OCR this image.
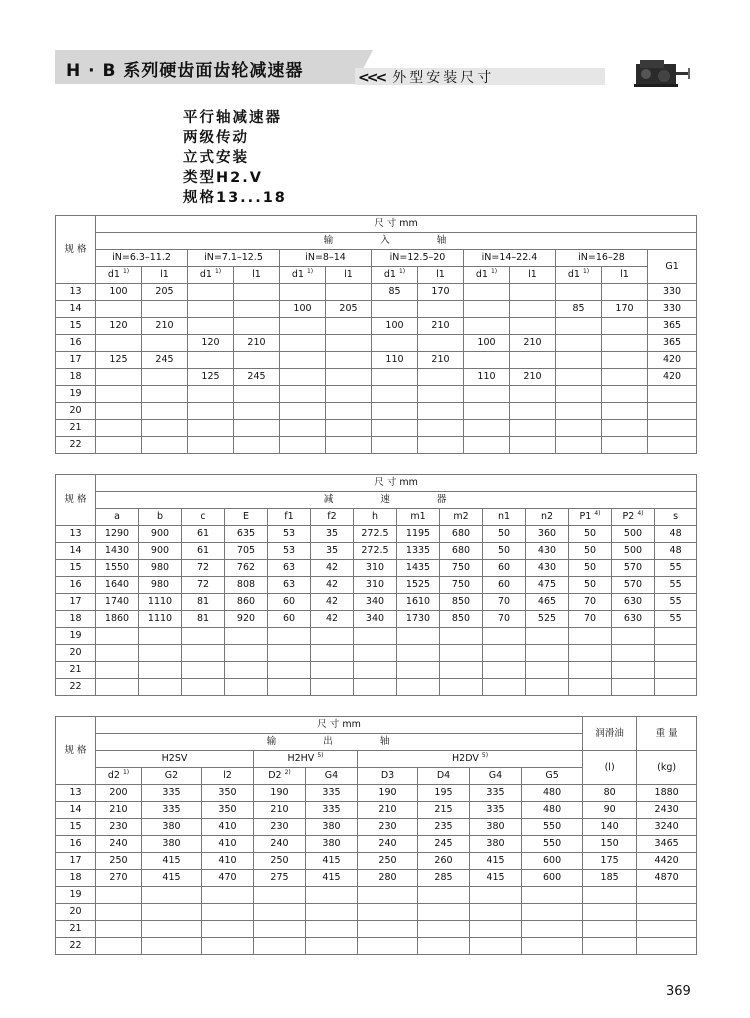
H · B 系列硬齿面齿轮减速器	<<< 外型安装尺寸
平行轴减速器
两级传动
立式安装
类型H2.V
规格13...18
规 格	尺 寸 mm												
	输 入 轴												
	iN=6.3–11.2		iN=7.1–12.5		iN=8–14		iN=12.5–20		iN=14–22.4		iN=16–28		G1
	d1 $^{1)}$	l1	d1 $^{1)}$	l1	d1 $^{1)}$	l1	d1 $^{1)}$	l1	d1 $^{1)}$	l1	d1 $^{1)}$	l1	
13	100	205					85	170					330
14					100	205					85	170	330
15	120	210					100	210					365
16			120	210					100	210			365
17	125	245					110	210					420
18			125	245					110	210			420
19													
20													
21													
22													
规 格	尺 寸 mm													
	减 速 器													
	a	b	c	E	f1	f2	h	m1	m2	n1	n2	P1 $^{4)}$	P2 $^{4)}$	s
13	1290	900	61	635	53	35	272.5	1195	680	50	360	50	500	48
14	1430	900	61	705	53	35	272.5	1335	680	50	430	50	500	48
15	1550	980	72	762	63	42	310	1435	750	60	430	50	570	55
16	1640	980	72	808	63	42	310	1525	750	60	475	50	570	55
17	1740	1110	81	860	60	42	340	1610	850	70	465	70	630	55
18	1860	1110	81	920	60	42	340	1730	850	70	525	70	630	55
19														
20														
21														
22														
规 格	尺 寸 mm									润滑油	重 量
	输 出 轴										
	H2SV			H2HV $^{5)}$		H2DV $^{5)}$				(l)	(kg)
	d2 $^{1)}$	G2	l2	D2 $^{2)}$	G4	D3	D4	G4	G5		
13	200	335	350	190	335	190	195	335	480	80	1880
14	210	335	350	210	335	210	215	335	480	90	2430
15	230	380	410	230	380	230	235	380	550	140	3240
16	240	380	410	240	380	240	245	380	550	150	3465
17	250	415	410	250	415	250	260	415	600	175	4420
18	270	415	470	275	415	280	285	415	600	185	4870
19											
20											
21											
22											
369
